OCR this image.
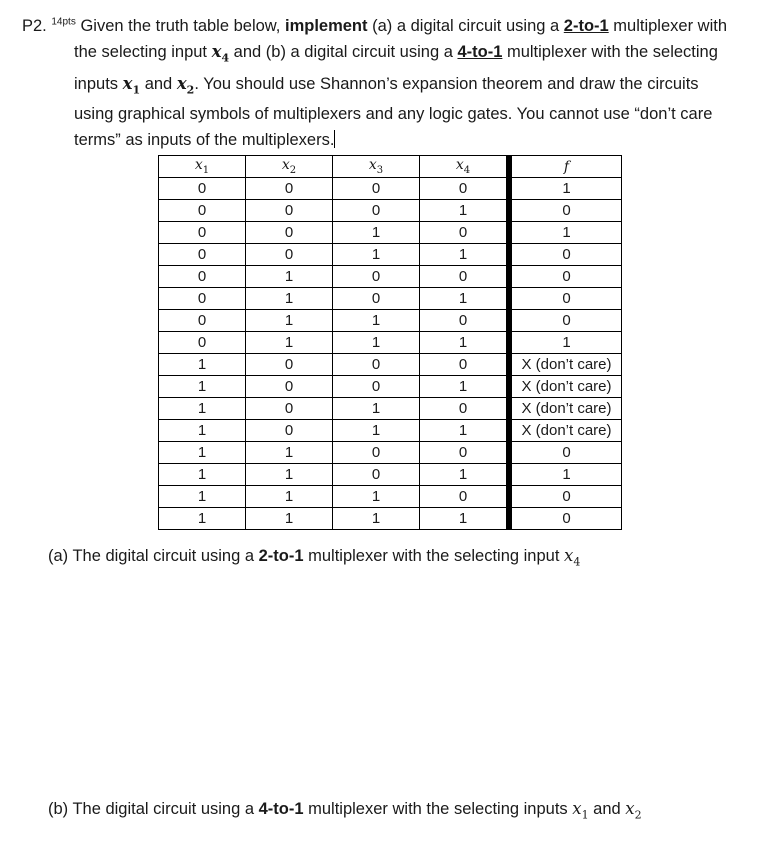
P2. $^{14pts}$ Given the truth table below, implement (a) a digital circuit using a 2-to-1 multiplexer with
the selecting input $x_4$ and (b) a digital circuit using a 4-to-1 multiplexer with the selecting
inputs $x_1$ and $x_2$. You should use Shannon’s expansion theorem and draw the circuits
using graphical symbols of multiplexers and any logic gates. You cannot use “don’t care
terms” as inputs of the multiplexers.
$x_1$	$x_2$	$x_3$	$x_4$		f
0	0	0	0		1
0	0	0	1		0
0	0	1	0		1
0	0	1	1		0
0	1	0	0		0
0	1	0	1		0
0	1	1	0		0
0	1	1	1		1
1	0	0	0		X (don’t care)
1	0	0	1		X (don’t care)
1	0	1	0		X (don’t care)
1	0	1	1		X (don’t care)
1	1	0	0		0
1	1	0	1		1
1	1	1	0		0
1	1	1	1		0
(a) The digital circuit using a 2-to-1 multiplexer with the selecting input $x_4$
(b) The digital circuit using a 4-to-1 multiplexer with the selecting inputs $x_1$ and $x_2$
